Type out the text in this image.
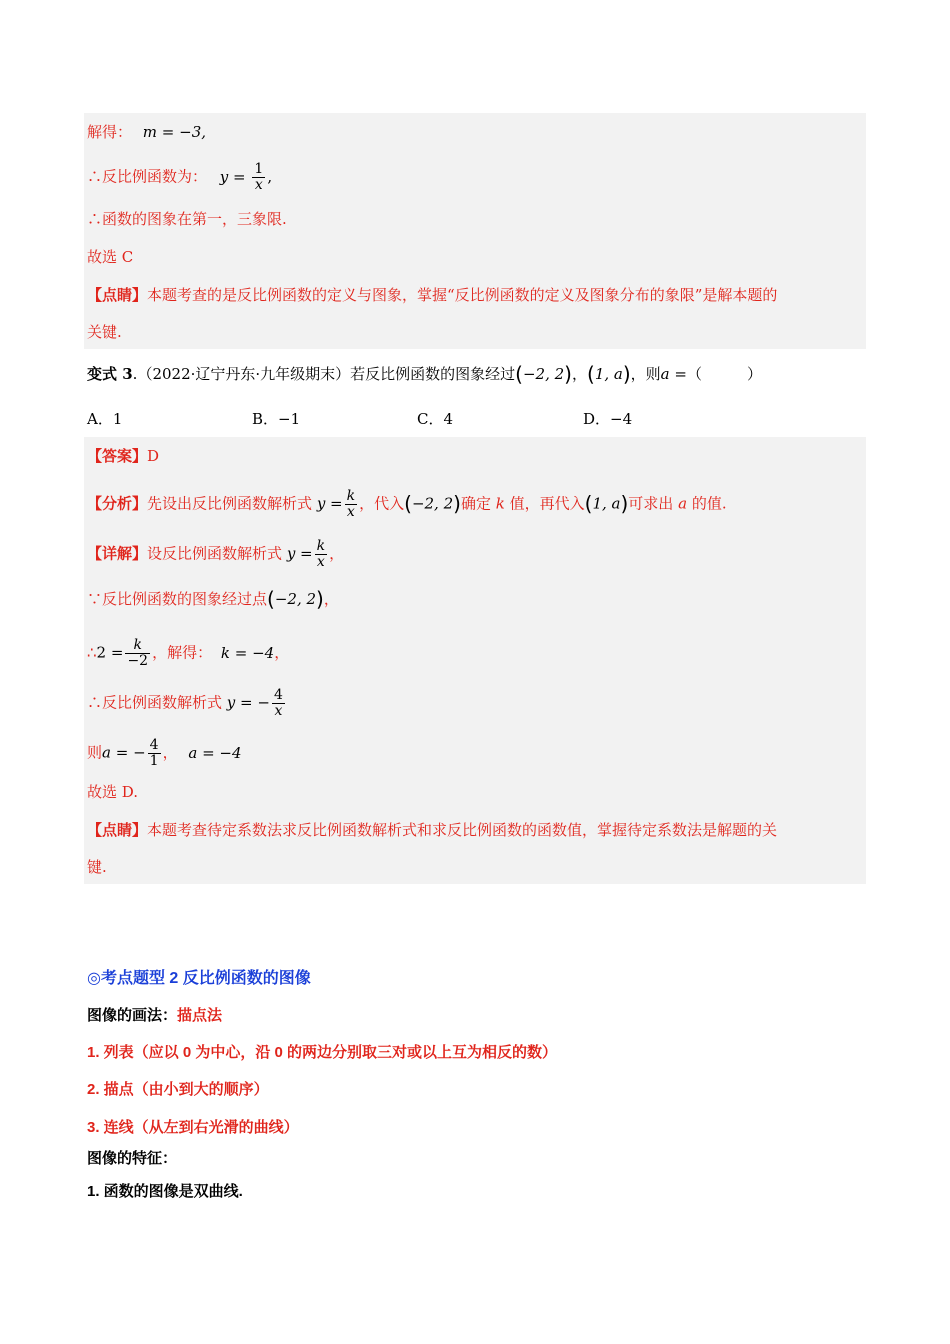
解得： m = −3,
∴反比例函数为： $y = \frac{1}{x}$ ,
∴函数的图象在第一，三象限.
故选 C
【点睛】本题考查的是反比例函数的定义与图象，掌握“反比例函数的定义及图象分布的象限”是解本题的
关键.
变式 3.（2022·辽宁丹东·九年级期末）若反比例函数的图象经过(−2, 2)，(1, a)，则a =（　　　）
A．1	B．−1	C．4	D．−4
【答案】D
【分析】先设出反比例函数解析式 $y = \frac{k}{x}$ ，代入(−2, 2)确定 k 值，再代入(1, a)可求出 a 的值.
【详解】设反比例函数解析式 $y = \frac{k}{x}$ ，
∵反比例函数的图象经过点(−2, 2)，
∴2 = $\frac{k}{-2}$ ，解得： k = −4，
∴反比例函数解析式 y = − $\frac{4}{x}$
则a = − $\frac{4}{1}$ ， a = −4
故选 D.
【点睛】本题考查待定系数法求反比例函数解析式和求反比例函数的函数值，掌握待定系数法是解题的关
键.
◎考点题型 2 反比例函数的图像
图像的画法：描点法
1. 列表（应以 0 为中心，沿 0 的两边分别取三对或以上互为相反的数）
2. 描点（由小到大的顺序）
3. 连线（从左到右光滑的曲线）
图像的特征：
1. 函数的图像是双曲线.
